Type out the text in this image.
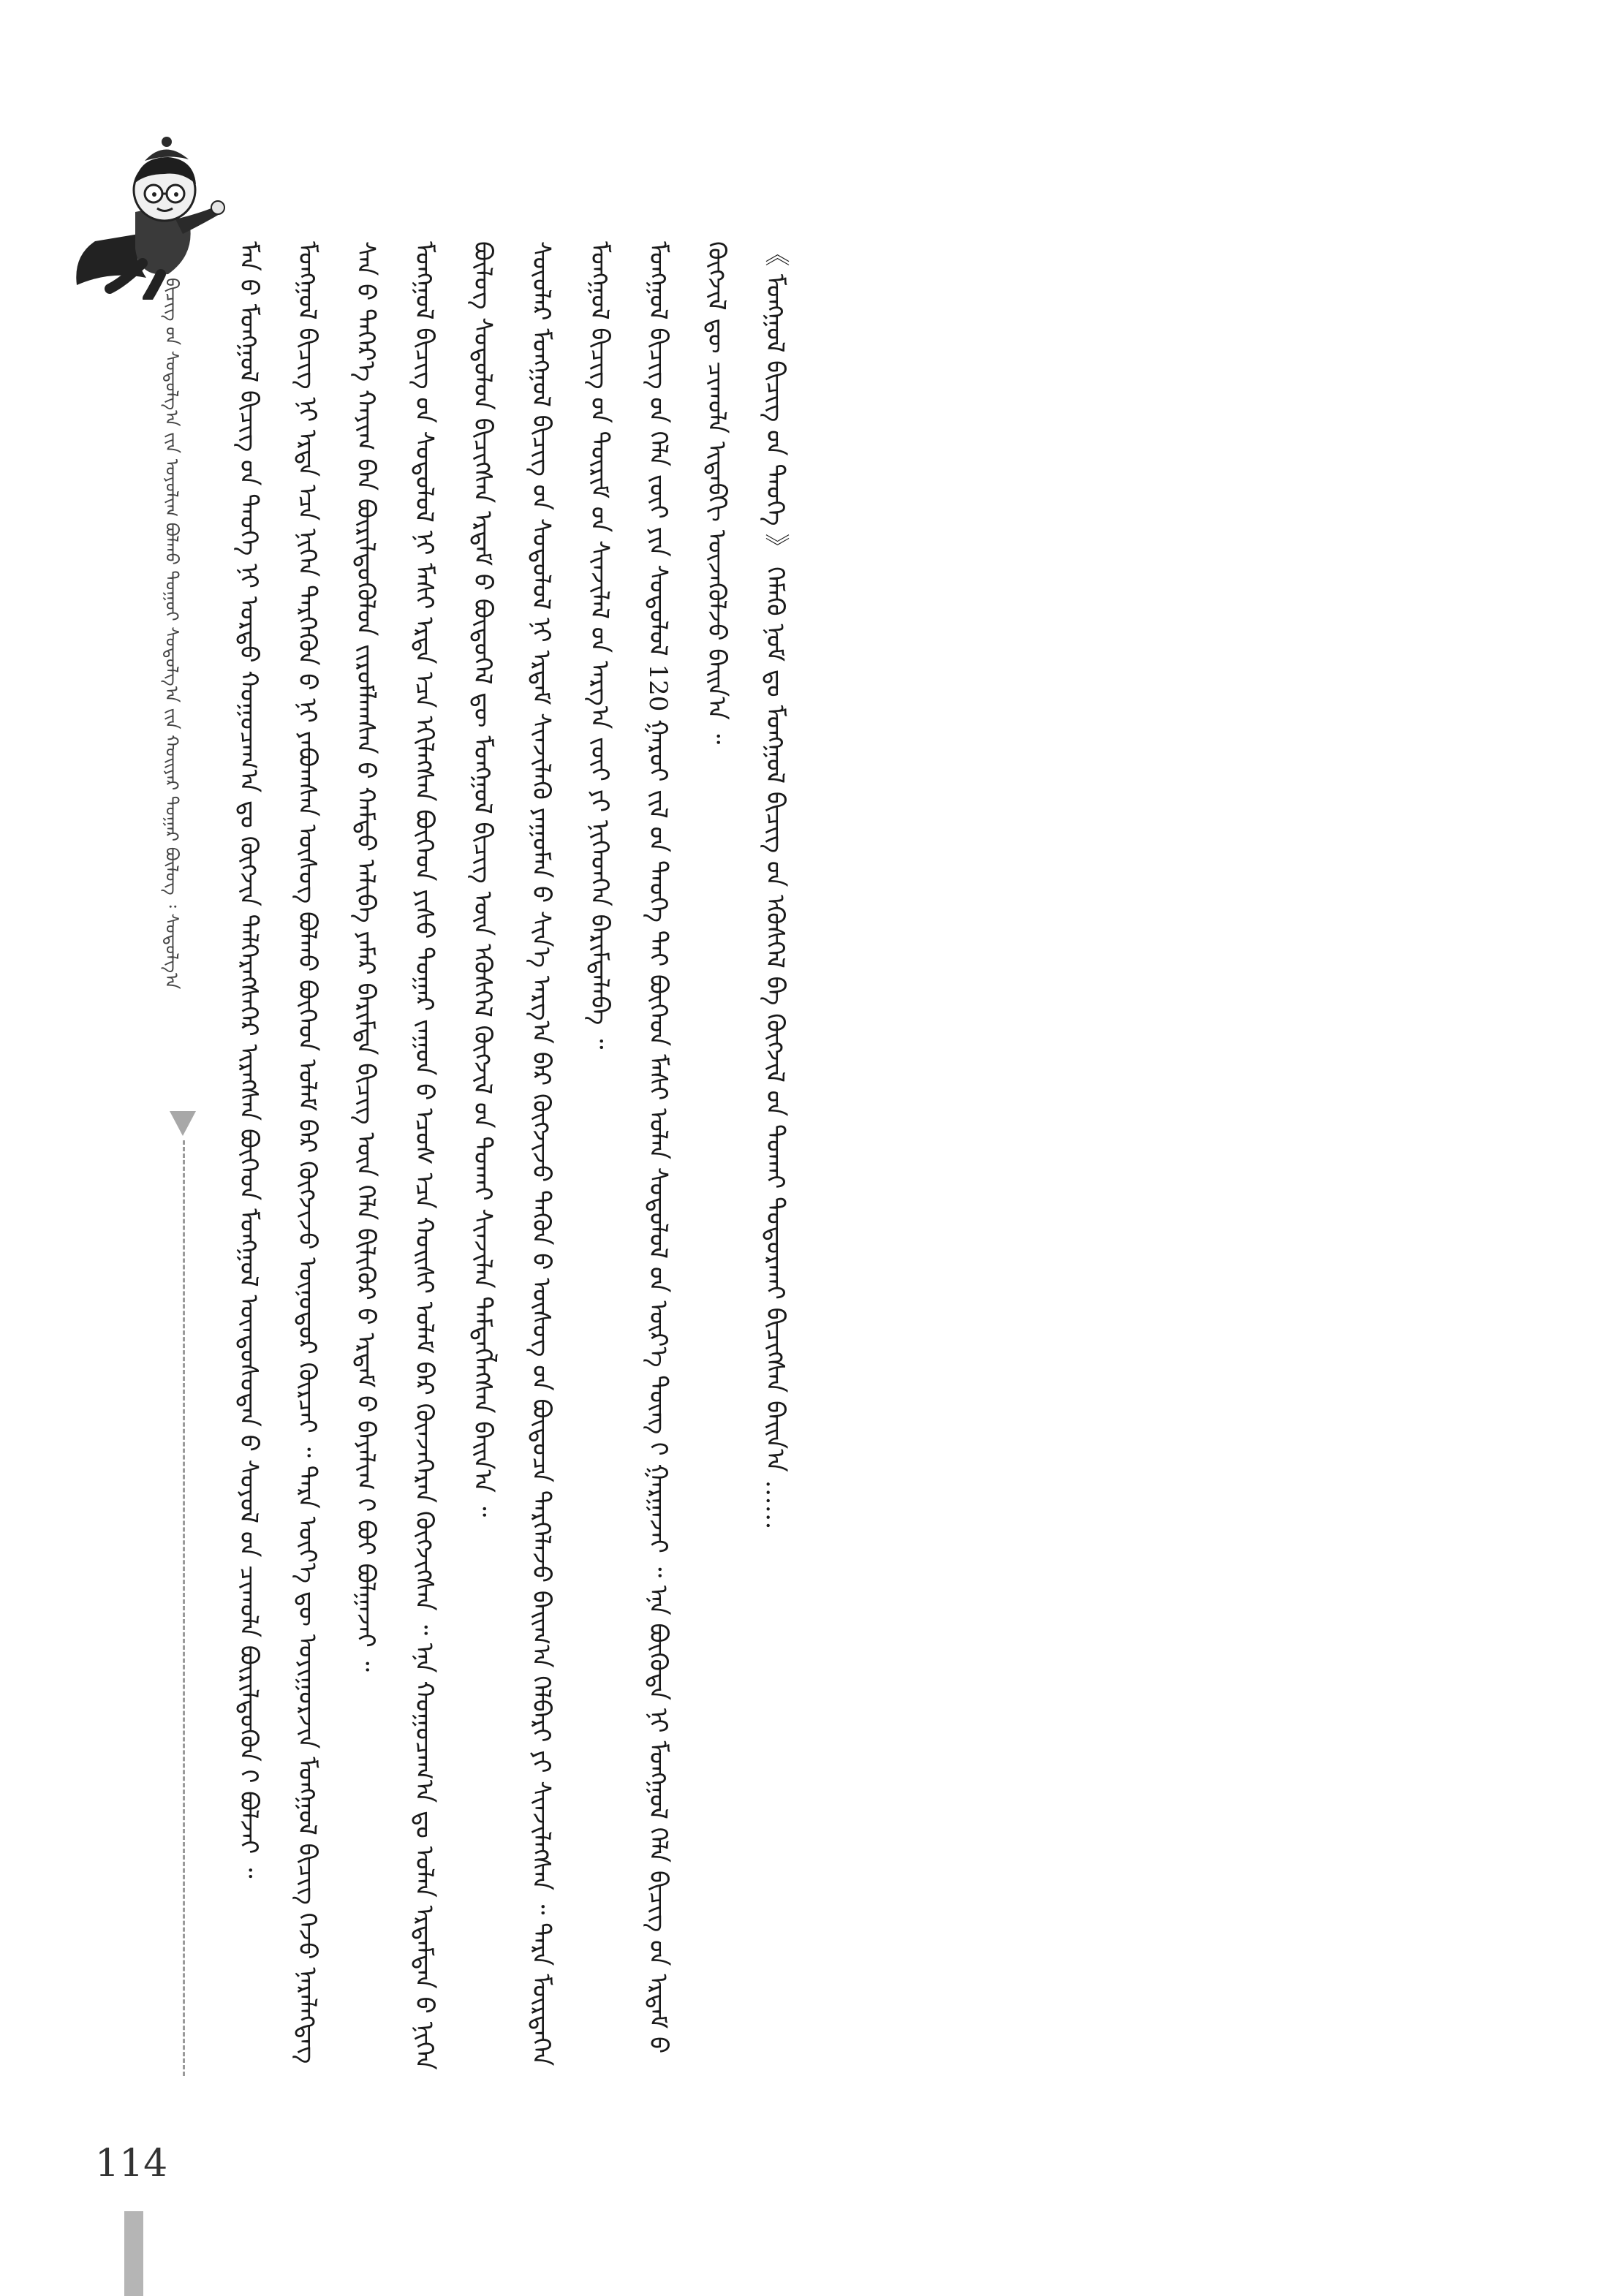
ᠪᠢᠴᠢᠭ᠌ ᠤ᠋ᠨ ᠰᠤᠳᠤᠯᠭ᠎ᠠ ᠶ᠋ᠢᠨ ᠤᠶᠤᠯᠢᠭ ᠪᠣᠯᠬᠤ ᠳᠣᠭᠣᠢ ᠰᠤᠳᠤᠯᠭ᠎ᠠ ᠶ᠋ᠢᠨ ᠬᠣᠢᠶᠠᠷ ᠳᠤᠭᠠᠷ ᠪᠦᠯᠦᠭ ᠄ ᠰᠤᠳᠤᠯᠭ᠎ᠠ	ᠮᠠᠨ ᠤ᠋ ᠮᠣᠩᠭᠣᠯ ᠪᠢᠴᠢᠭ ᠤ᠋ᠨ ᠲᠡᠦᠬᠡ ᠨᠢ ᠤᠷᠲᠤ ᠬᠤᠭᠤᠴᠠᠭ᠎ᠠ ᠳᠤ ᠬᠥᠭᠵᠢᠨ ᠳᠡᠯᠭᠡᠷᠡᠭᠰᠡᠭᠡᠷ ᠢᠷᠡᠭᠰᠡᠨ ᠪᠥᠭᠡᠳ ᠮᠣᠩᠭᠣᠯ ᠦᠨᠳᠦᠰᠦᠲᠡᠨ ᠦ᠌ ᠰᠣᠶᠣᠯ ᠤ᠋ᠨ ᠴᠢᠬᠤᠯᠠ ᠪᠦᠷᠢᠯᠳᠦᠬᠦᠨ ᠢ᠋ ᠪᠣᠯᠵᠠᠢ ᠃	ᠮᠣᠩᠭᠣᠯ ᠪᠢᠴᠢᠭ ᠨᠢ ᠡᠷᠲᠡ ᠡᠴᠡ ᠨᠢᠭᠡᠨ ᠲᠡᠷᠭᠡᠭᠦᠨ ᠦ᠌ ᠨᠢ ᠶᠠᠪᠤᠭᠰᠠᠨ ᠦᠰᠦᠭ ᠪᠣᠯᠬᠤ ᠪᠥᠭᠡᠳ ᠤᠯᠠᠮ ᠪᠠᠷ ᠬᠥᠭᠵᠢᠵᠦ ᠥᠨᠥᠳᠥᠷ ᠬᠦᠷᠴᠡᠢ ᠃ ᠲᠡᠷᠡ ᠦᠶ᠎ᠡ ᠳᠦ ᠤᠶᠢᠭᠤᠷᠵᠢᠨ ᠮᠣᠩᠭᠣᠯ ᠪᠢᠴᠢᠭ ᠭᠡᠵᠦ ᠨᠡᠷᠡᠯᠡᠭᠳᠡᠭ ᠰᠡᠨ ᠦ᠌ ᠳᠡᠭᠡᠷ᠎ᠡ ᠬᠠᠶᠢᠭ ᠪᠠᠨ ᠪᠦᠷᠢᠯᠳᠦᠭᠦᠯᠦᠨ ᠵᠢᠷᠤᠮᠯᠠᠭᠰᠠᠨ ᠤ᠋ ᠬᠠᠮᠲᠤ ᠠᠯᠢᠪᠠ ᠶᠠᠮᠠᠷ ᠪᠠᠷᠢᠮᠲᠠ ᠪᠢᠴᠢᠭ ᠦᠨ ᠬᠡᠯᠡ ᠪᠢᠯᠢᠭᠦᠷ ᠤ᠋ ᠡᠷᠳᠡᠮ ᠦ᠌ ᠪᠠᠶᠠᠯᠢᠭ ᠢ᠋ ᠪᠤᠢ ᠪᠣᠯᠭᠠᠵᠠᠢ ᠃	ᠮᠣᠩᠭᠣᠯ ᠪᠢᠴᠢᠭ ᠤ᠋ᠨ ᠰᠤᠳᠤᠯᠤᠯ ᠨᠢ ᠮᠠᠰᠢ ᠡᠷᠲᠡ ᠡᠴᠡ ᠡᠬᠢᠯᠡᠭᠰᠡᠨ ᠪᠥᠭᠡᠳ ᠶᠢᠰᠦ ᠳᠤᠭᠠᠷ ᠵᠠᠭᠤᠨ ᠤ᠋ ᠡᠴᠦᠰ ᠡᠴᠡ ᠬᠣᠢᠰᠢ ᠤᠯᠠᠮ ᠪᠠᠷ ᠭᠦᠨᠵᠡᠭᠡᠷᠡᠨ ᠬᠥᠭᠵᠢᠭᠰᠡᠨ ᠃ ᠡᠨᠡ ᠬᠤᠭᠤᠴᠠᠭ᠎ᠠ ᠳᠤ ᠣᠯᠠᠨ ᠡᠷᠳᠡᠮᠲᠡᠨ ᠦ᠌ ᠨᠢᠭᠡᠨ ᠪᠦᠯᠦᠭ ᠰᠤᠳᠤᠯᠤᠨ ᠪᠢᠴᠢᠭᠰᠡᠨ ᠡᠷᠳᠡᠮ ᠦ᠌ ᠪᠦᠲᠦᠭᠡᠯ ᠳᠦ ᠮᠣᠩᠭᠣᠯ ᠪᠢᠴᠢᠭ ᠦᠨ ᠡᠭᠦᠰᠬᠡᠯ ᠬᠥᠭᠵᠢᠯ ᠤ᠋ᠨ ᠲᠤᠬᠠᠢ ᠰᠢᠨᠵᠢᠯᠡᠨ ᠲᠡᠮᠳᠡᠭᠯᠡᠭᠰᠡᠨ ᠪᠠᠢᠨ᠎ᠠ ᠃	ᠰᠦᠦᠯᠡᠷ ᠮᠣᠩᠭᠣᠯ ᠪᠢᠴᠢᠭ ᠤ᠋ᠨ ᠰᠤᠳᠤᠯᠤᠯ ᠨᠢ ᠡᠷᠳᠡᠮ ᠰᠢᠨᠵᠢᠯᠡᠬᠦ ᠶᠠᠭᠤᠮᠠᠨ ᠤ᠋ ᠰᠢᠨ᠎ᠡ ᠠᠷᠭ᠎ᠠ ᠪᠠᠷ ᠬᠥᠭᠵᠢᠵᠦ ᠲᠡᠭᠦᠨ ᠦ᠌ ᠦᠰᠦᠭ ᠤ᠋ᠨ ᠪᠦᠲᠦᠴᠡ ᠲᠡᠷᠭᠡᠯᠡᠵᠦ ᠪᠠᠢᠭ᠎ᠠ ᠬᠡᠯᠪᠡᠷᠢ ᠶᠢ ᠰᠢᠨᠵᠢᠯᠡᠭᠰᠡᠨ ᠃ ᠲᠡᠷᠡ ᠮᠥᠷᠲᠡᠭᠡᠨ ᠮᠣᠩᠭᠣᠯ ᠪᠢᠴᠢᠭ ᠤ᠋ᠨ ᠳᠦᠷᠢᠮ ᠤ᠋ᠨ ᠰᠢᠨᠵᠢᠯᠡᠯ ᠤ᠋ᠨ ᠠᠷᠭ᠎ᠠ ᠵᠦᠢ ᠶᠢ ᠨᠢᠭᠡᠳᠬᠡᠨ ᠪᠠᠷᠢᠮᠲᠠᠯᠠᠪᠠ ᠃	ᠮᠣᠩᠭᠣᠯ ᠪᠢᠴᠢᠭ ᠤ᠋ᠨ ᠬᠡᠯᠡ ᠵᠦᠢ ᠶᠢᠨ ᠰᠤᠳᠤᠯᠤᠯ 120 ᠭᠠᠷᠤᠢ ᠵᠢᠯ ᠤ᠋ᠨ ᠲᠡᠦᠬᠡ ᠲᠠᠢ ᠪᠥᠭᠡᠳ ᠮᠠᠰᠢ ᠣᠯᠠᠨ ᠰᠤᠳᠤᠯᠤᠯ ᠤ᠋ᠨ ᠦᠷ᠎ᠡ ᠳᠦᠩ ᠢ᠋ ᠭᠠᠷᠭᠠᠵᠠᠢ ᠃ ᠡᠨᠡ ᠪᠦᠭᠦᠳᠡ ᠨᠢ ᠮᠣᠩᠭᠣᠯ ᠬᠡᠯᠡ ᠪᠢᠴᠢᠭ ᠤ᠋ᠨ ᠡᠷᠳᠡᠮ ᠦ᠌ ᠬᠥᠭᠵᠢᠯ ᠳᠦ ᠴᠢᠬᠤᠯᠠ ᠢᠳᠡᠪᠬᠢ ᠦᠵᠡᠭᠦᠯᠵᠦ ᠪᠠᠢᠨ᠎ᠠ ᠃	《 ᠮᠣᠩᠭᠣᠯ ᠪᠢᠴᠢᠭ ᠤ᠋ᠨ ᠲᠡᠦᠬᠡ 》 ᠬᠡᠮᠡᠬᠦ ᠨᠣᠮ ᠳᠤ ᠮᠣᠩᠭᠣᠯ ᠪᠢᠴᠢᠭ ᠤ᠋ᠨ ᠡᠭᠦᠰᠬᠡᠯ ᠪᠠ ᠬᠥᠭᠵᠢᠯ ᠤ᠋ᠨ ᠲᠤᠬᠠᠢ ᠲᠣᠳᠣᠷᠬᠠᠢ ᠪᠢᠴᠢᠭᠰᠡᠨ ᠪᠠᠢᠨ᠎ᠠ ……

114
